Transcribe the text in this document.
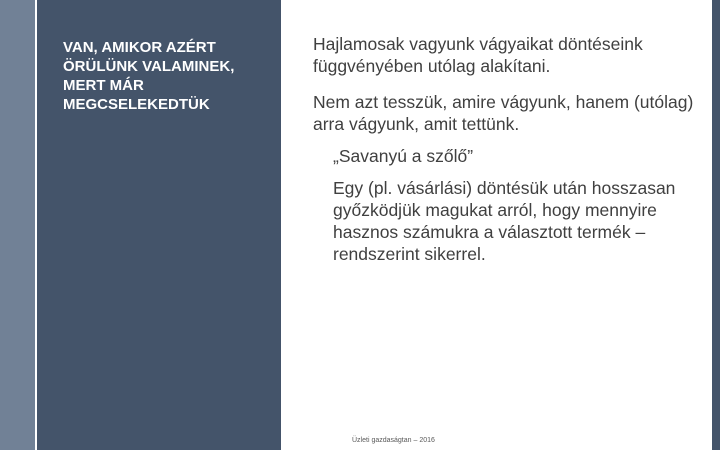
VAN, AMIKOR AZÉRT ÖRÜLÜNK VALAMINEK, MERT MÁR MEGCSELEKEDTÜK

Hajlamosak vagyunk vágyaikat döntéseink függvényében utólag alakítani.

Nem azt tesszük, amire vágyunk, hanem (utólag) arra vágyunk, amit tettünk.

„Savanyú a szőlő”

Egy (pl. vásárlási) döntésük után hosszasan győzködjük magukat arról, hogy mennyire hasznos számukra a választott termék – rendszerint sikerrel.

Üzleti gazdaságtan – 2016	18
